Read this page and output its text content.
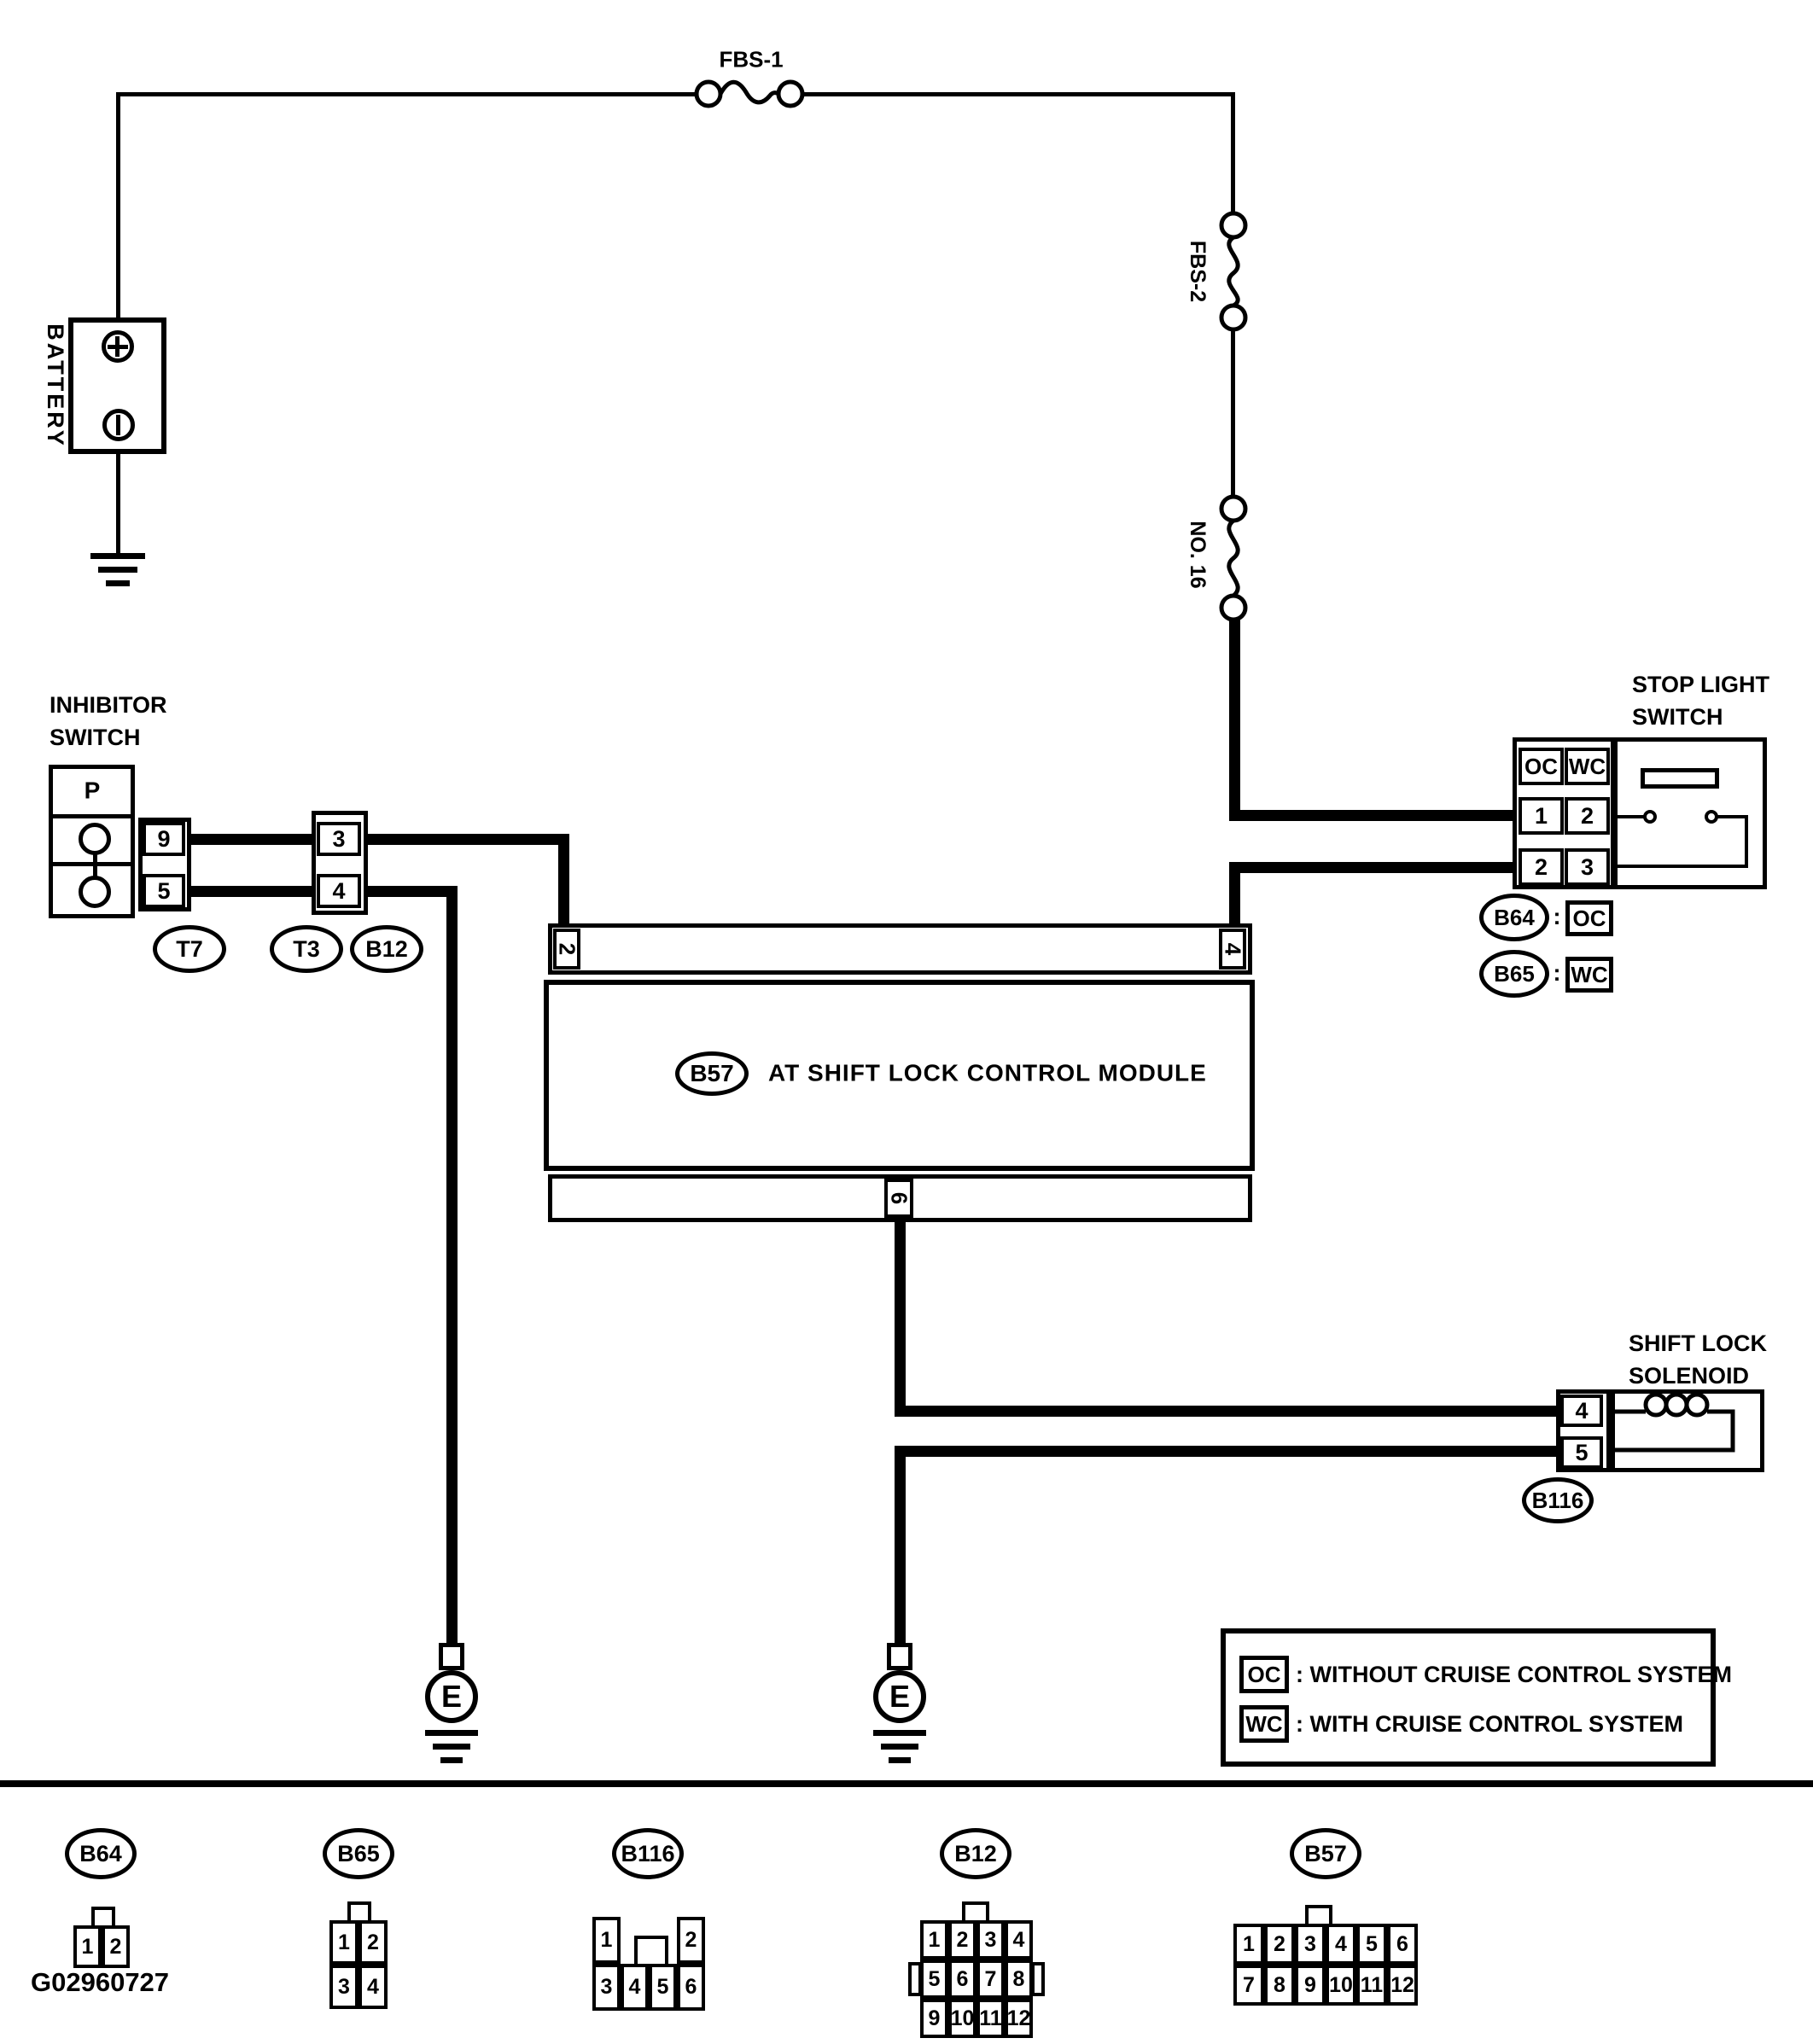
BATTERY
FBS-1
FBS-2
NO. 16
INHIBITOR
SWITCH
P
9
5
T7
3
4
T3	B12
STOP LIGHT
SWITCH
OC WC
1	2
2	3
B64 : OC
B65 : WC
2	4
B57	AT SHIFT LOCK CONTROL MODULE
6
SHIFT LOCK
SOLENOID
4
5
B116
E	E
OC : WITHOUT CRUISE CONTROL SYSTEM
WC : WITH CRUISE CONTROL SYSTEM
B64	B65	B116	B12	B57
1 2	1 2
3 4
1	2
3 4 5 6
1 2 3 4
5 6 7 8
9 10 11 12
1 2 3 4 5 6
7 8 9 10 11 12
G02960727
